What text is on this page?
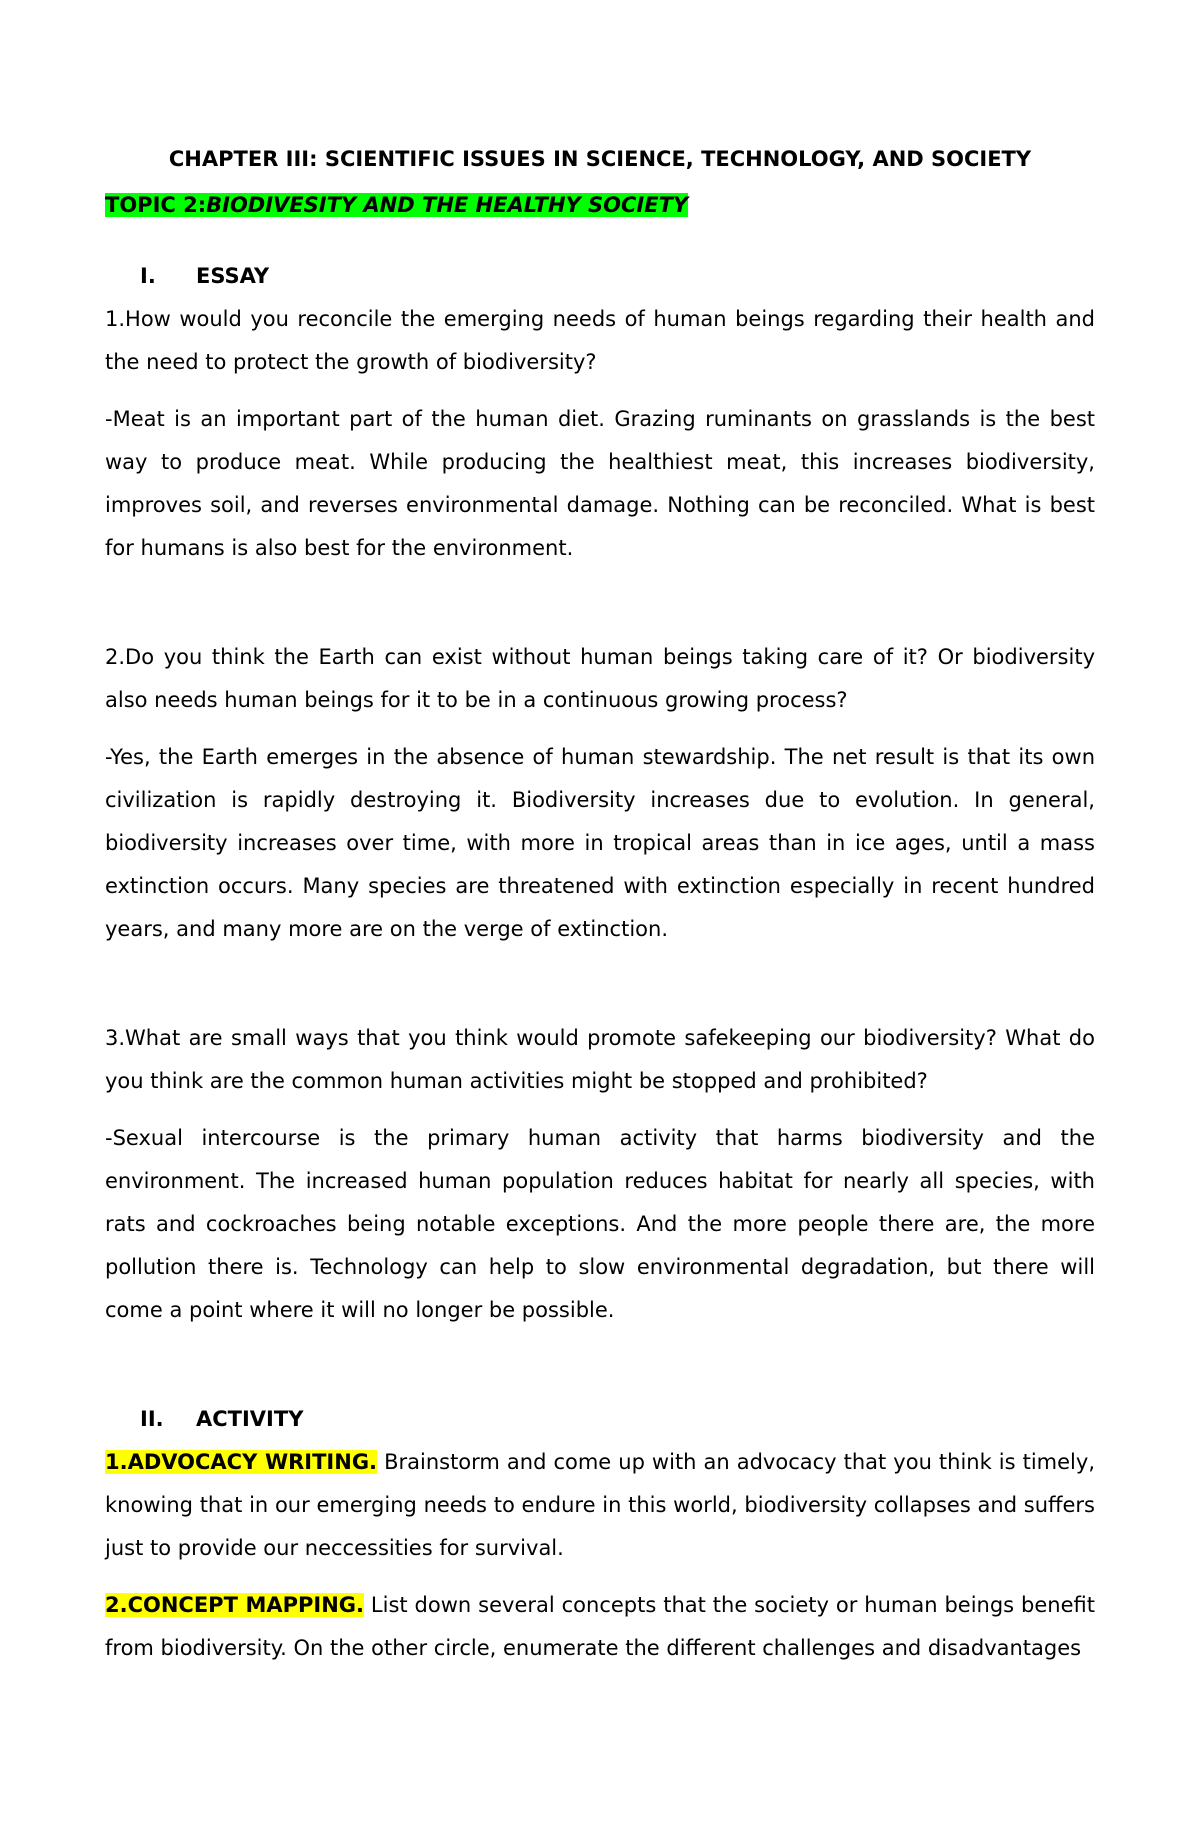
CHAPTER III: SCIENTIFIC ISSUES IN SCIENCE, TECHNOLOGY, AND SOCIETY

TOPIC 2:BIODIVESITY AND THE HEALTHY SOCIETY

I. ESSAY

1.How would you reconcile the emerging needs of human beings regarding their health and the need to protect the growth of biodiversity?

-Meat is an important part of the human diet. Grazing ruminants on grasslands is the best way to produce meat. While producing the healthiest meat, this increases biodiversity, improves soil, and reverses environmental damage. Nothing can be reconciled. What is best for humans is also best for the environment.

2.Do you think the Earth can exist without human beings taking care of it? Or biodiversity also needs human beings for it to be in a continuous growing process?

-Yes, the Earth emerges in the absence of human stewardship. The net result is that its own civilization is rapidly destroying it. Biodiversity increases due to evolution. In general, biodiversity increases over time, with more in tropical areas than in ice ages, until a mass extinction occurs. Many species are threatened with extinction especially in recent hundred years, and many more are on the verge of extinction.

3.What are small ways that you think would promote safekeeping our biodiversity? What do you think are the common human activities might be stopped and prohibited?

-Sexual intercourse is the primary human activity that harms biodiversity and the environment. The increased human population reduces habitat for nearly all species, with rats and cockroaches being notable exceptions. And the more people there are, the more pollution there is. Technology can help to slow environmental degradation, but there will come a point where it will no longer be possible.

II. ACTIVITY

1.ADVOCACY WRITING. Brainstorm and come up with an advocacy that you think is timely, knowing that in our emerging needs to endure in this world, biodiversity collapses and suffers just to provide our neccessities for survival.

2.CONCEPT MAPPING. List down several concepts that the society or human beings benefit from biodiversity. On the other circle, enumerate the different challenges and disadvantages
